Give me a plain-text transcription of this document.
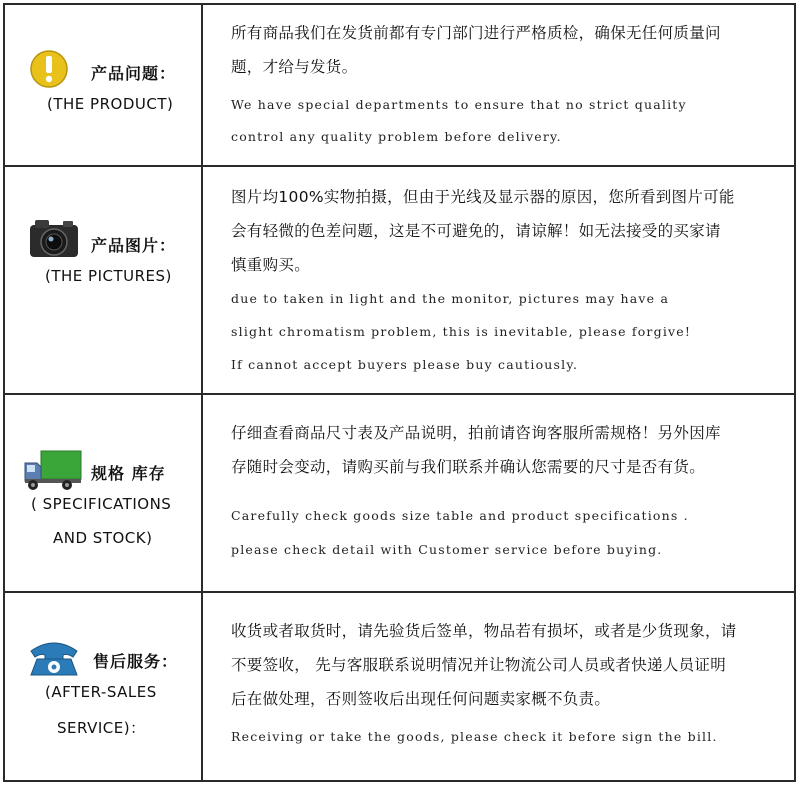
产品问题：
(THE PRODUCT)
所有商品我们在发货前都有专门部门进行严格质检，确保无任何质量问
题，才给与发货。
We have special departments to ensure that no strict quality
control any quality problem before delivery.
产品图片：
(THE PICTURES)
图片均100%实物拍摄，但由于光线及显示器的原因，您所看到图片可能
会有轻微的色差问题，这是不可避免的，请谅解！如无法接受的买家请
慎重购买。
due to taken in light and the monitor, pictures may have a
slight chromatism problem, this is inevitable, please forgive!
If cannot accept buyers please buy cautiously.
规格 库存
( SPECIFICATIONS
AND STOCK)
仔细查看商品尺寸表及产品说明，拍前请咨询客服所需规格！另外因库
存随时会变动，请购买前与我们联系并确认您需要的尺寸是否有货。
Carefully check goods size table and product specifications .
please check detail with Customer service before buying.
售后服务：
(AFTER-SALES
SERVICE)：
收货或者取货时，请先验货后签单，物品若有损坏，或者是少货现象，请
不要签收， 先与客服联系说明情况并让物流公司人员或者快递人员证明
后在做处理，否则签收后出现任何问题卖家概不负责。
Receiving or take the goods, please check it before sign the bill.
